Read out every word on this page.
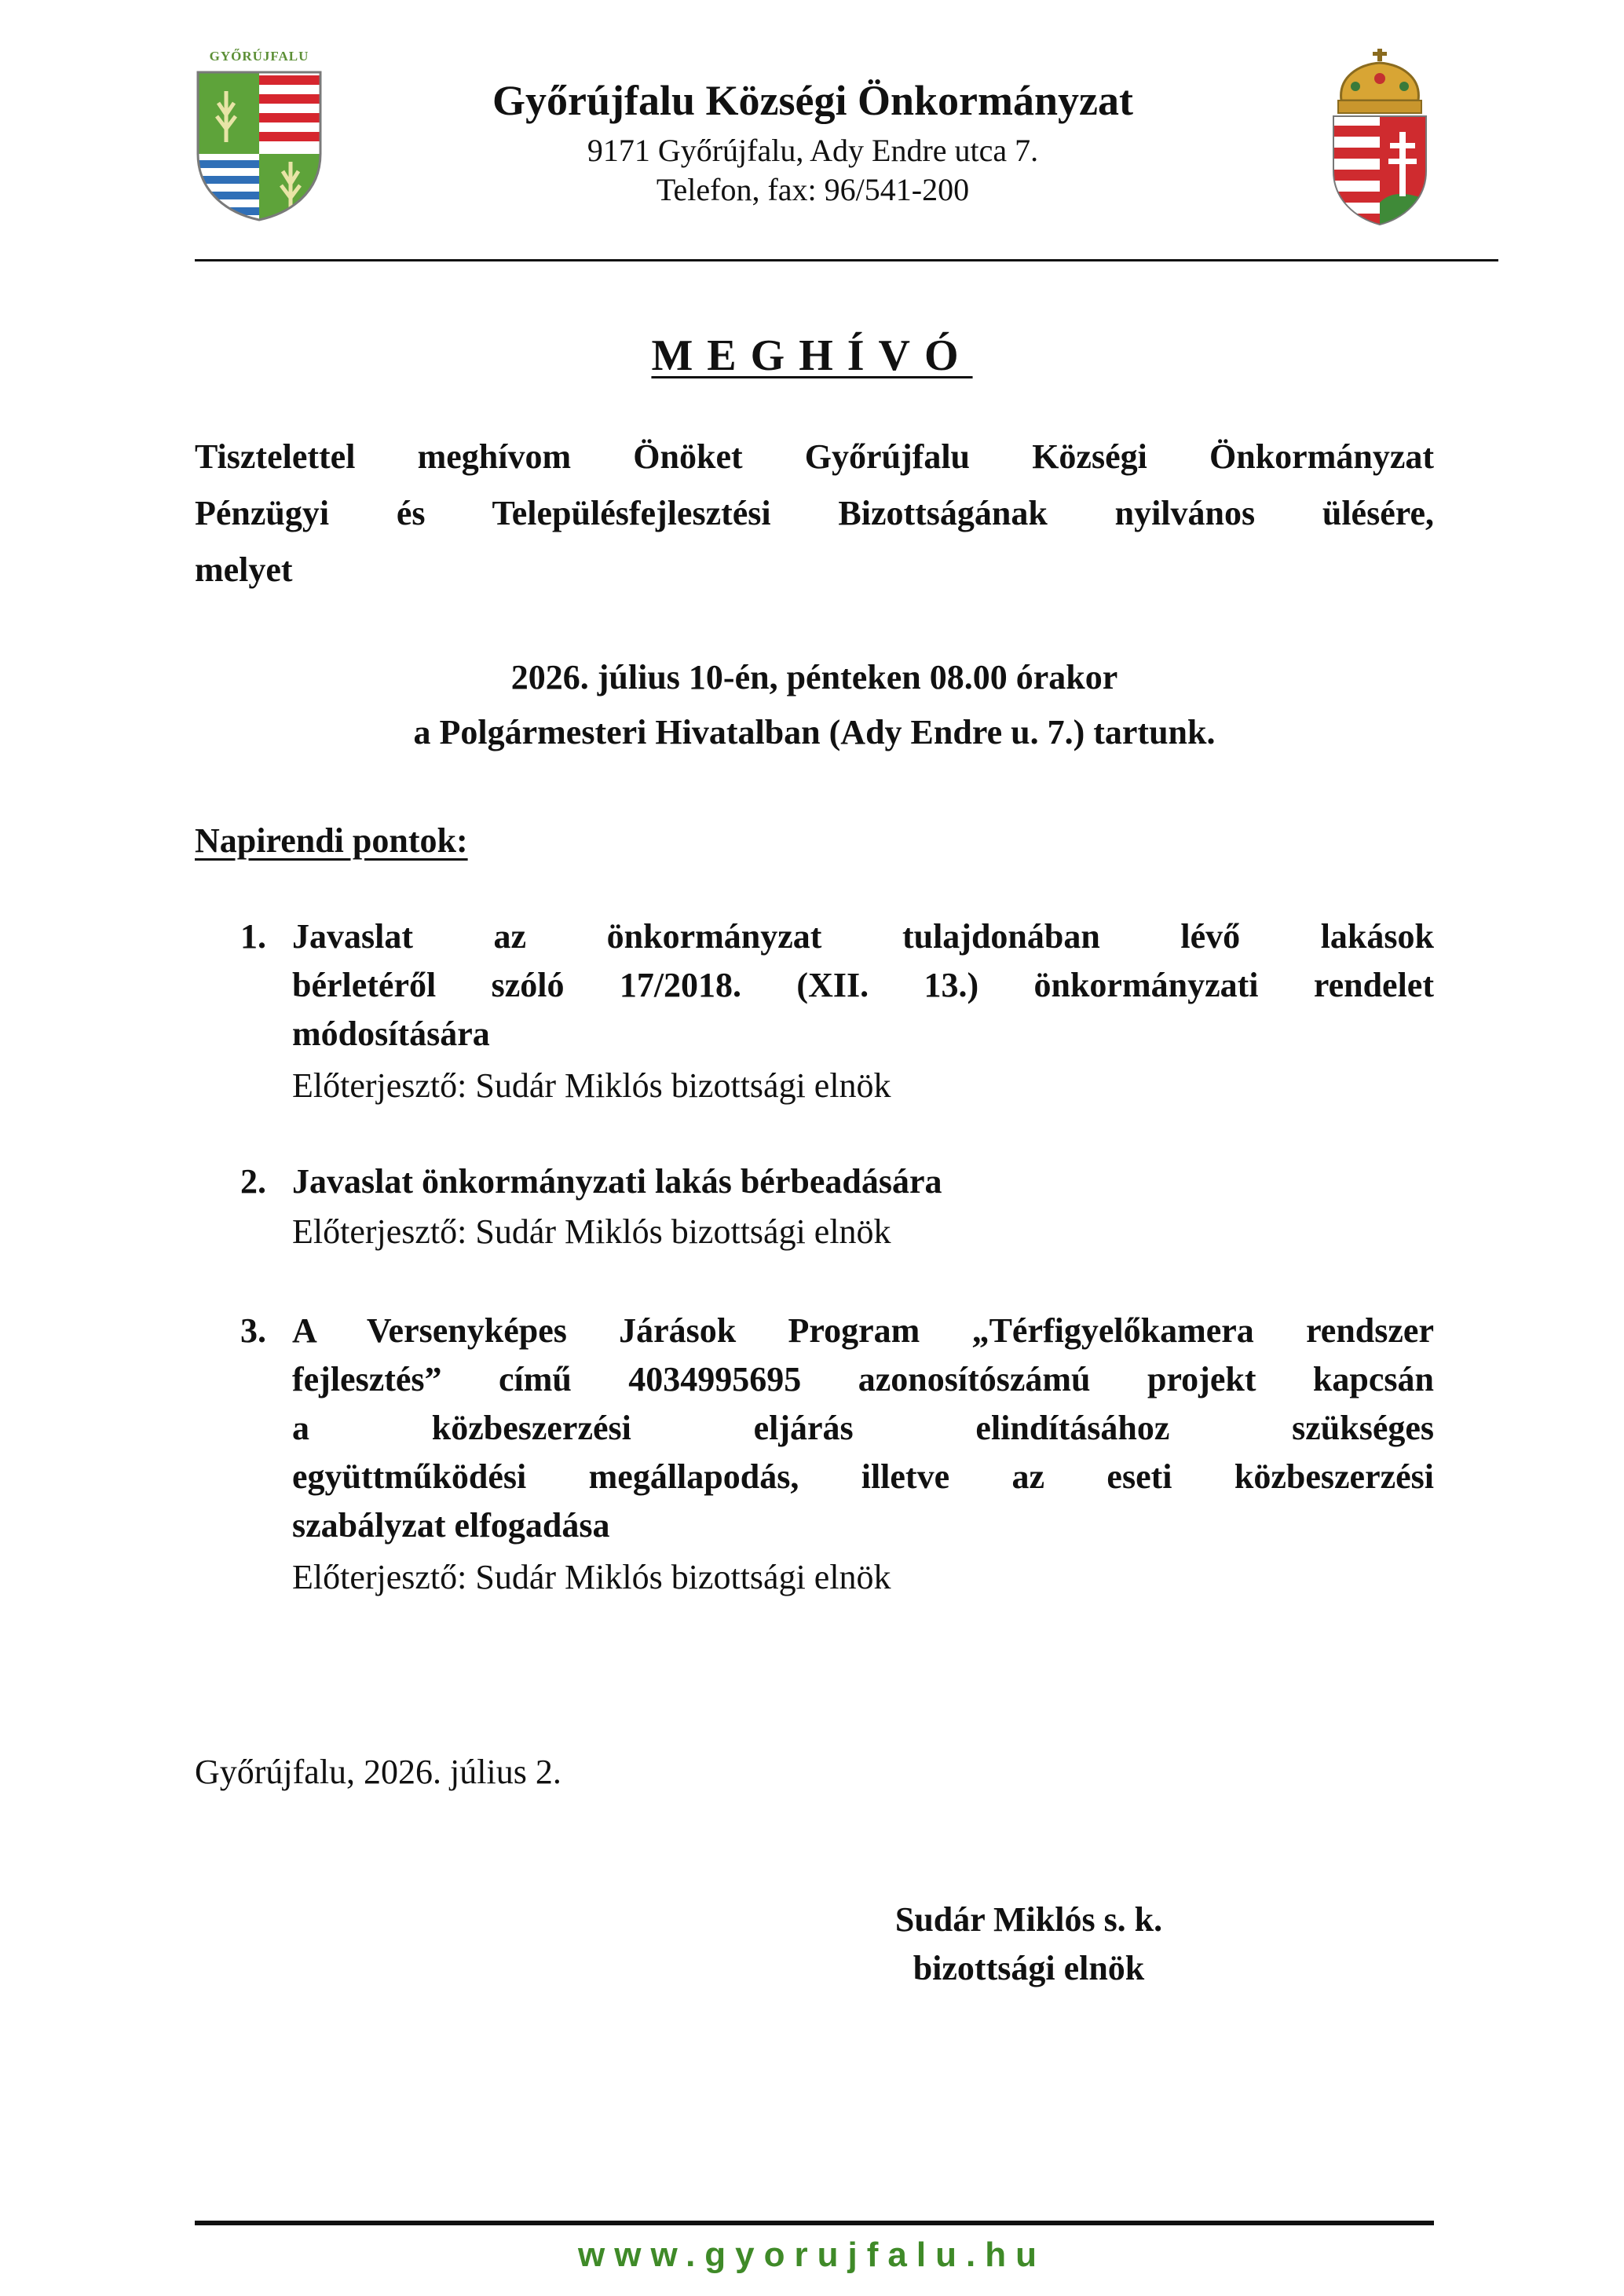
GYŐRÚJFALU
Győrújfalu Községi Önkormányzat
9171 Győrújfalu, Ady Endre utca 7.
Telefon, fax: 96/541-200
MEGHÍVÓ
Tisztelettel meghívom Önöket Győrújfalu Községi Önkormányzat
Pénzügyi és Településfejlesztési Bizottságának nyilvános ülésére,
melyet
2026. július 10-én, pénteken 08.00 órakor
a Polgármesteri Hivatalban (Ady Endre u. 7.) tartunk.
Napirendi pontok:
1. Javaslat az önkormányzat tulajdonában lévő lakások
bérletéről szóló 17/2018. (XII. 13.) önkormányzati rendelet
módosítására
Előterjesztő: Sudár Miklós bizottsági elnök
2. Javaslat önkormányzati lakás bérbeadására
Előterjesztő: Sudár Miklós bizottsági elnök
3. A Versenyképes Járások Program „Térfigyelőkamera rendszer
fejlesztés” című 4034995695 azonosítószámú projekt kapcsán
a közbeszerzési eljárás elindításához szükséges
együttműködési megállapodás, illetve az eseti közbeszerzési
szabályzat elfogadása
Előterjesztő: Sudár Miklós bizottsági elnök
Győrújfalu, 2026. július 2.
Sudár Miklós s. k.
bizottsági elnök
www.gyorujfalu.hu
